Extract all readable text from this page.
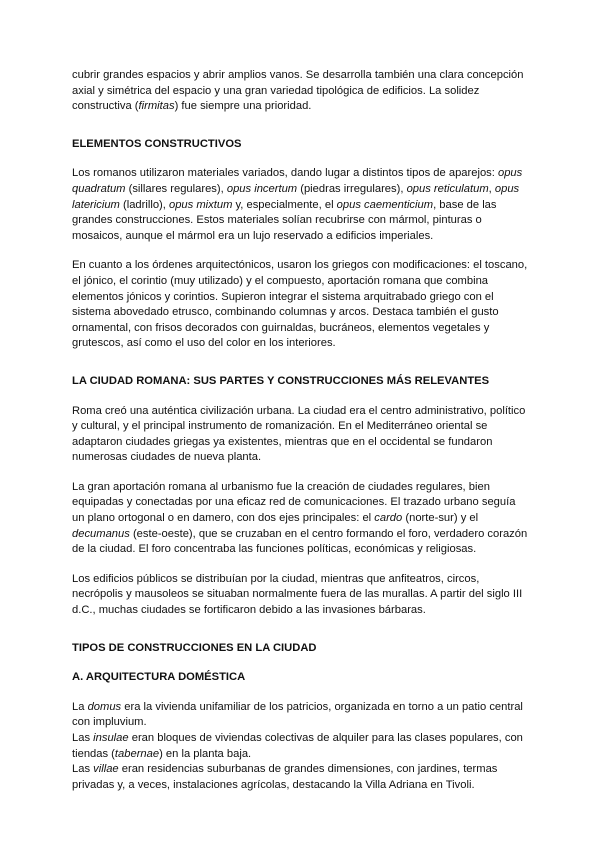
cubrir grandes espacios y abrir amplios vanos. Se desarrolla también una clara concepción axial y simétrica del espacio y una gran variedad tipológica de edificios. La solidez constructiva (firmitas) fue siempre una prioridad.

ELEMENTOS CONSTRUCTIVOS

Los romanos utilizaron materiales variados, dando lugar a distintos tipos de aparejos: opus quadratum (sillares regulares), opus incertum (piedras irregulares), opus reticulatum, opus latericium (ladrillo), opus mixtum y, especialmente, el opus caementicium, base de las grandes construcciones. Estos materiales solían recubrirse con mármol, pinturas o mosaicos, aunque el mármol era un lujo reservado a edificios imperiales.

En cuanto a los órdenes arquitectónicos, usaron los griegos con modificaciones: el toscano, el jónico, el corintio (muy utilizado) y el compuesto, aportación romana que combina elementos jónicos y corintios. Supieron integrar el sistema arquitrabado griego con el sistema abovedado etrusco, combinando columnas y arcos. Destaca también el gusto ornamental, con frisos decorados con guirnaldas, bucráneos, elementos vegetales y grutescos, así como el uso del color en los interiores.

LA CIUDAD ROMANA: SUS PARTES Y CONSTRUCCIONES MÁS RELEVANTES

Roma creó una auténtica civilización urbana. La ciudad era el centro administrativo, político y cultural, y el principal instrumento de romanización. En el Mediterráneo oriental se adaptaron ciudades griegas ya existentes, mientras que en el occidental se fundaron numerosas ciudades de nueva planta.

La gran aportación romana al urbanismo fue la creación de ciudades regulares, bien equipadas y conectadas por una eficaz red de comunicaciones. El trazado urbano seguía un plano ortogonal o en damero, con dos ejes principales: el cardo (norte-sur) y el decumanus (este-oeste), que se cruzaban en el centro formando el foro, verdadero corazón de la ciudad. El foro concentraba las funciones políticas, económicas y religiosas.

Los edificios públicos se distribuían por la ciudad, mientras que anfiteatros, circos, necrópolis y mausoleos se situaban normalmente fuera de las murallas. A partir del siglo III d.C., muchas ciudades se fortificaron debido a las invasiones bárbaras.

TIPOS DE CONSTRUCCIONES EN LA CIUDAD
A. ARQUITECTURA DOMÉSTICA

La domus era la vivienda unifamiliar de los patricios, organizada en torno a un patio central con impluvium.
Las insulae eran bloques de viviendas colectivas de alquiler para las clases populares, con tiendas (tabernae) en la planta baja.
Las villae eran residencias suburbanas de grandes dimensiones, con jardines, termas privadas y, a veces, instalaciones agrícolas, destacando la Villa Adriana en Tivoli.
